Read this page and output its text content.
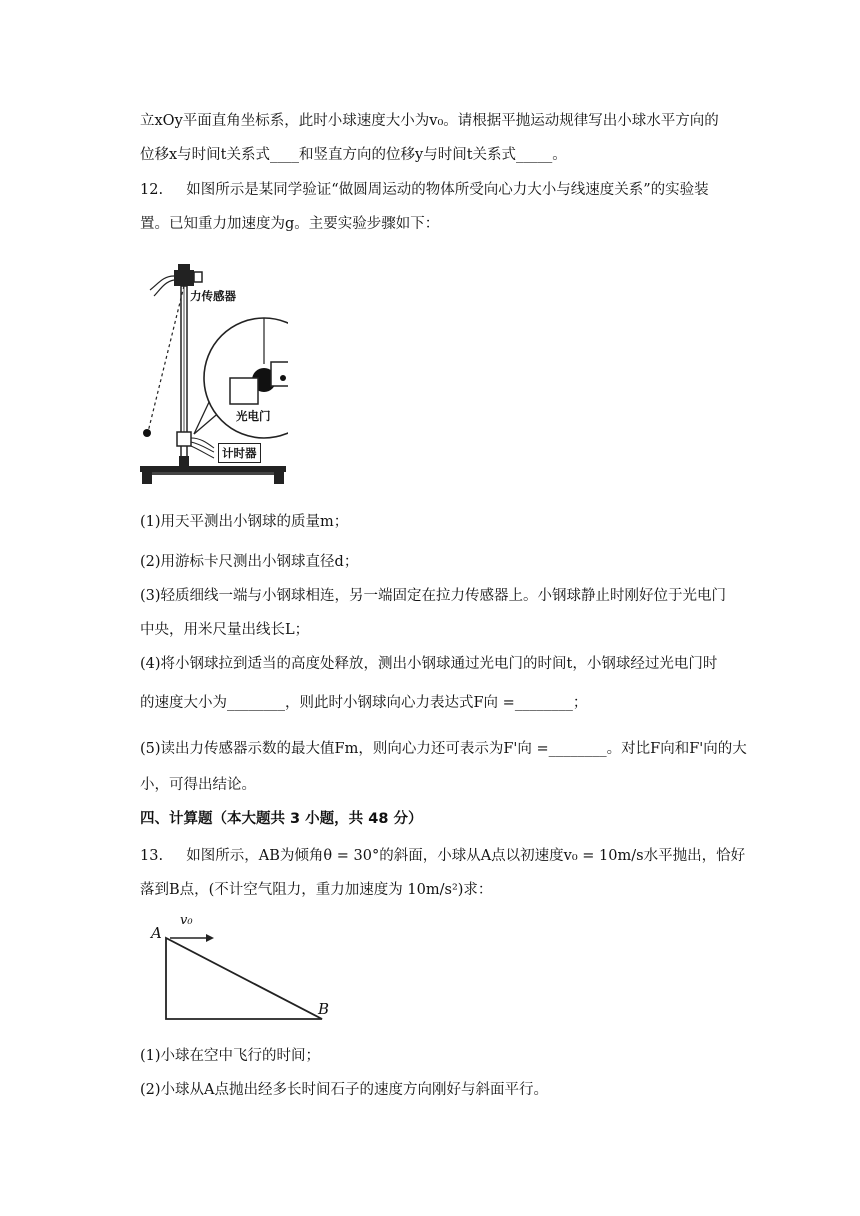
立xOy平面直角坐标系，此时小球速度大小为v₀。请根据平抛运动规律写出小球水平方向的
位移x与时间t关系式____和竖直方向的位移y与时间t关系式_____。
12. 如图所示是某同学验证“做圆周运动的物体所受向心力大小与线速度关系”的实验装
置。已知重力加速度为g。主要实验步骤如下：
力传感器
光电门
计时器
(1)用天平测出小钢球的质量m；
(2)用游标卡尺测出小钢球直径d；
(3)轻质细线一端与小钢球相连，另一端固定在拉力传感器上。小钢球静止时刚好位于光电门
中央，用米尺量出线长L；
(4)将小钢球拉到适当的高度处释放，测出小钢球通过光电门的时间t，小钢球经过光电门时
的速度大小为________，则此时小钢球向心力表达式F向 =________；
(5)读出力传感器示数的最大值Fm，则向心力还可表示为F'向 =________。对比F向和F'向的大
小，可得出结论。
四、计算题（本大题共 3 小题，共 48 分）
13. 如图所示，AB为倾角θ = 30°的斜面，小球从A点以初速度v₀ = 10m/s水平抛出，恰好
落到B点，(不计空气阻力，重力加速度为 10m/s²)求：
A
B
v₀
(1)小球在空中飞行的时间；
(2)小球从A点抛出经多长时间石子的速度方向刚好与斜面平行。
